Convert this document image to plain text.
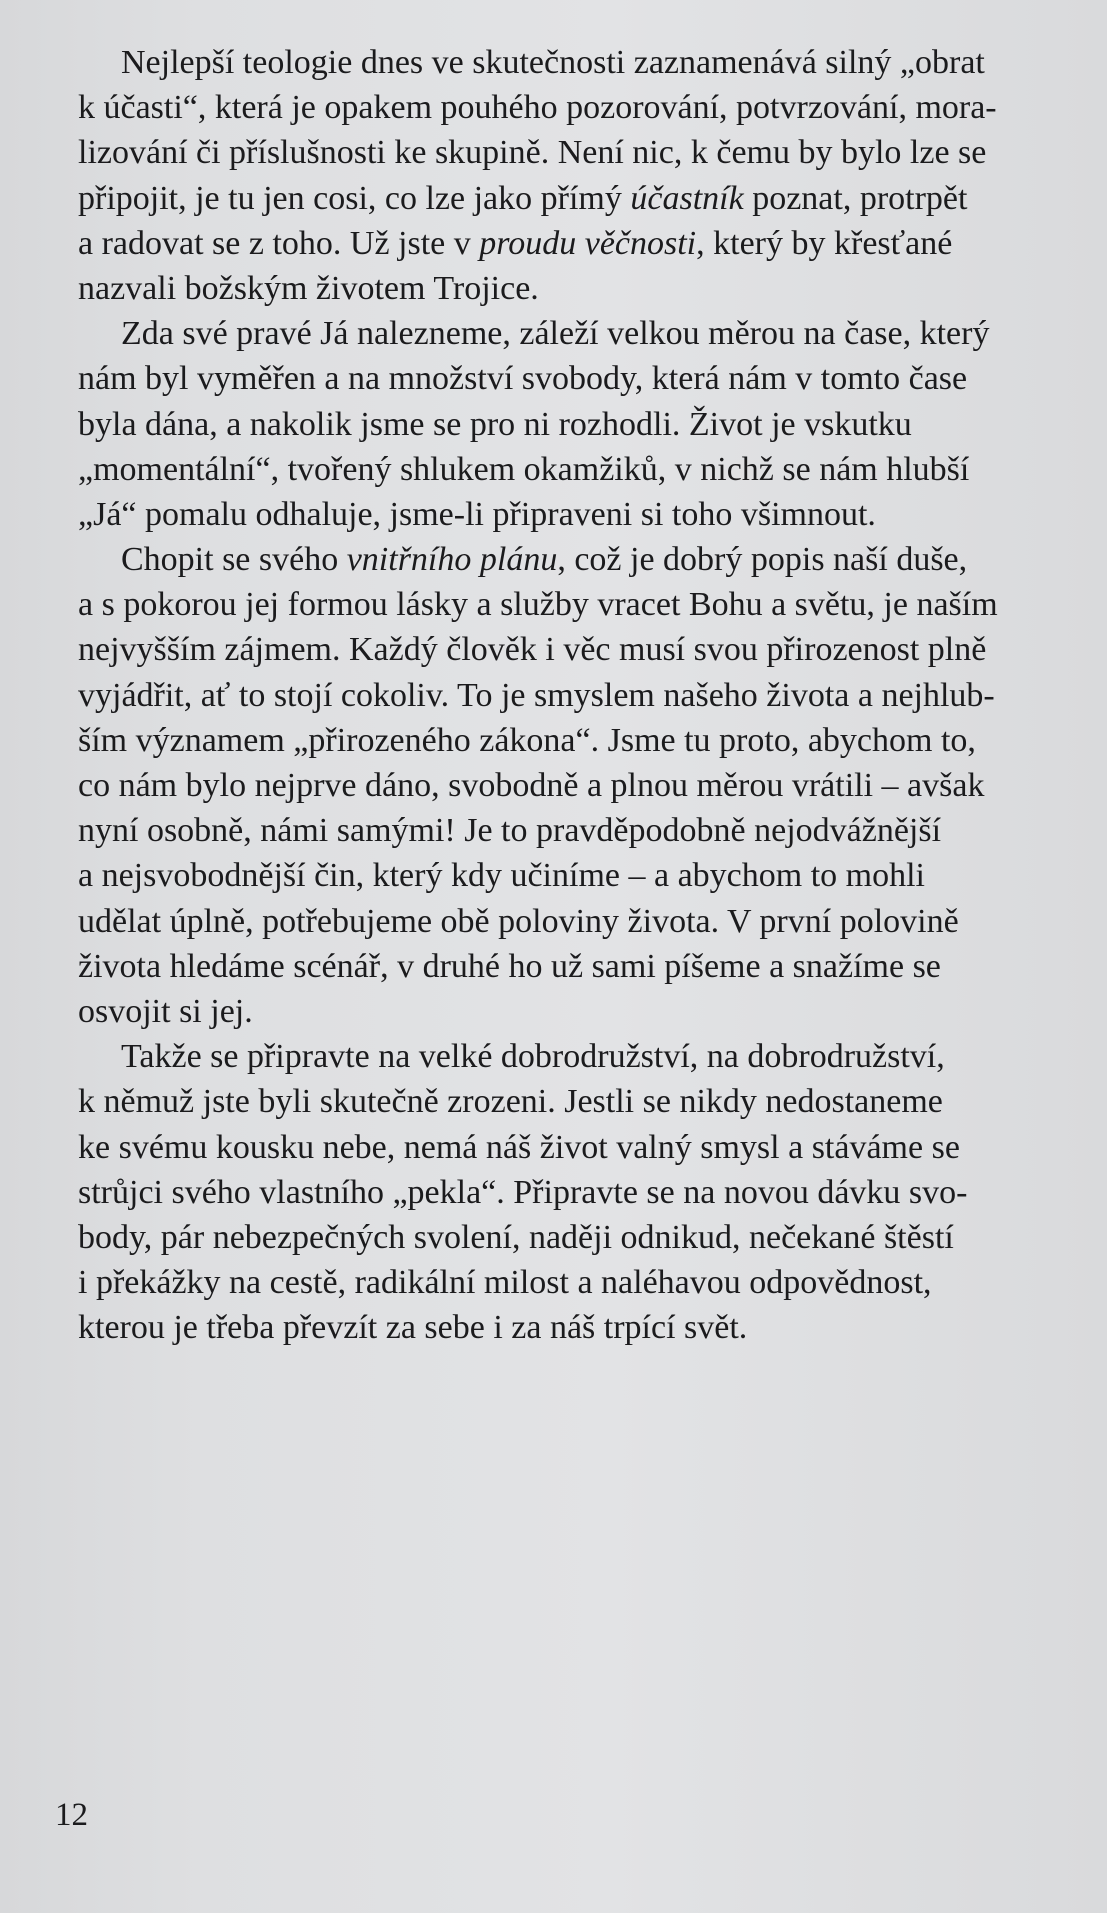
Nejlepší teologie dnes ve skutečnosti zaznamenává silný „obrat
k účasti“, která je opakem pouhého pozorování, potvrzování, mora-
lizování či příslušnosti ke skupině. Není nic, k čemu by bylo lze se
připojit, je tu jen cosi, co lze jako přímý účastník poznat, protrpět
a radovat se z toho. Už jste v proudu věčnosti, který by křesťané
nazvali božským životem Trojice.
Zda své pravé Já nalezneme, záleží velkou měrou na čase, který
nám byl vyměřen a na množství svobody, která nám v tomto čase
byla dána, a nakolik jsme se pro ni rozhodli. Život je vskutku
„momentální“, tvořený shlukem okamžiků, v nichž se nám hlubší
„Já“ pomalu odhaluje, jsme-li připraveni si toho všimnout.
Chopit se svého vnitřního plánu, což je dobrý popis naší duše,
a s pokorou jej formou lásky a služby vracet Bohu a světu, je naším
nejvyšším zájmem. Každý člověk i věc musí svou přirozenost plně
vyjádřit, ať to stojí cokoliv. To je smyslem našeho života a nejhlub-
ším významem „přirozeného zákona“. Jsme tu proto, abychom to,
co nám bylo nejprve dáno, svobodně a plnou měrou vrátili – avšak
nyní osobně, námi samými! Je to pravděpodobně nejodvážnější
a nejsvobodnější čin, který kdy učiníme – a abychom to mohli
udělat úplně, potřebujeme obě poloviny života. V první polovině
života hledáme scénář, v druhé ho už sami píšeme a snažíme se
osvojit si jej.
Takže se připravte na velké dobrodružství, na dobrodružství,
k němuž jste byli skutečně zrozeni. Jestli se nikdy nedostaneme
ke svému kousku nebe, nemá náš život valný smysl a stáváme se
strůjci svého vlastního „pekla“. Připravte se na novou dávku svo-
body, pár nebezpečných svolení, naději odnikud, nečekané štěstí
i překážky na cestě, radikální milost a naléhavou odpovědnost,
kterou je třeba převzít za sebe i za náš trpící svět.
12
